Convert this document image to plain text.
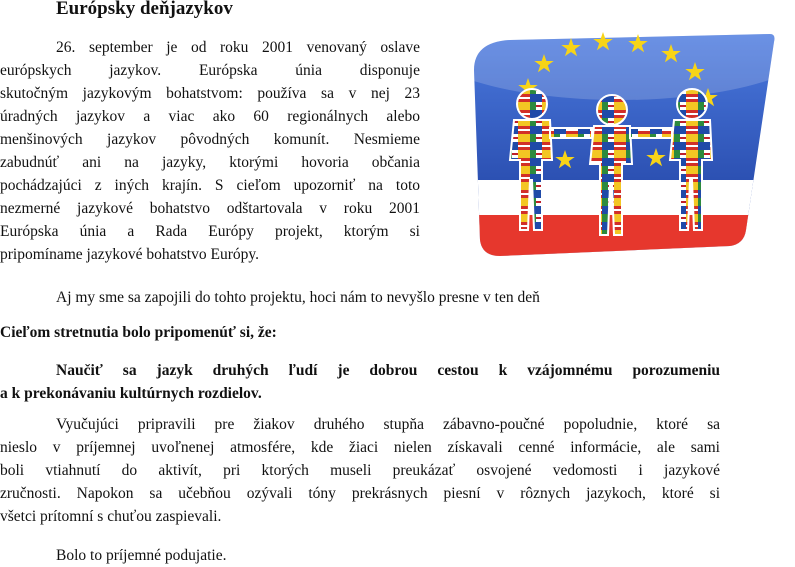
Európsky deňjazykov
26. september je od roku 2001 venovaný oslave
európskych jazykov. Európska únia disponuje
skutočným jazykovým bohatstvom: používa sa v nej 23
úradných jazykov a viac ako 60 regionálnych alebo
menšinových jazykov pôvodných komunít. Nesmieme
zabudnúť ani na jazyky, ktorými hovoria občania
pochádzajúci z iných krajín. S cieľom upozorniť na toto
nezmerné jazykové bohatstvo odštartovala v roku 2001
Európska únia a Rada Európy projekt, ktorým si
pripomíname jazykové bohatstvo Európy.
Aj my sme sa zapojili do tohto projektu, hoci nám to nevyšlo presne v ten deň
Cieľom stretnutia bolo pripomenúť si, že:
Naučiť sa jazyk druhých ľudí je dobrou cestou k vzájomnému porozumeniu
a k prekonávaniu kultúrnych rozdielov.
Vyučujúci pripravili pre žiakov druhého stupňa zábavno-poučné popoludnie, ktoré sa
nieslo v príjemnej uvoľnenej atmosfére, kde žiaci nielen získavali cenné informácie, ale sami
boli vtiahnutí do aktivít, pri ktorých museli preukázať osvojené vedomosti i jazykové
zručnosti. Napokon sa učebňou ozývali tóny prekrásnych piesní v rôznych jazykoch, ktoré si
všetci prítomní s chuťou zaspievali.
Bolo to príjemné podujatie.
